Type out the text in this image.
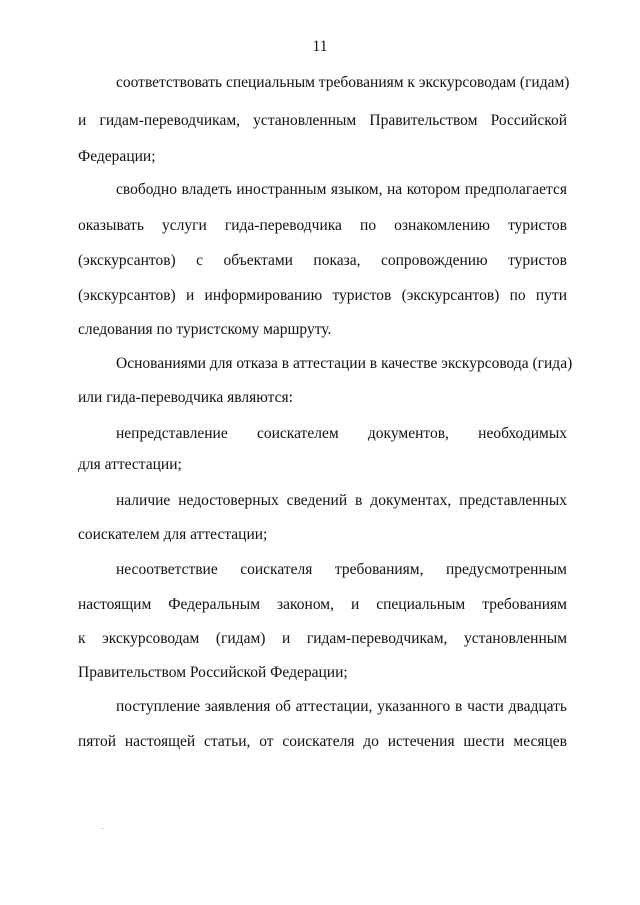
11
соответствовать специальным требованиям к экскурсоводам (гидам)
и гидам-переводчикам, установленным Правительством Российской
Федерации;
свободно владеть иностранным языком, на котором предполагается
оказывать услуги гида-переводчика по ознакомлению туристов
(экскурсантов) с объектами показа, сопровождению туристов
(экскурсантов) и информированию туристов (экскурсантов) по пути
следования по туристскому маршруту.
Основаниями для отказа в аттестации в качестве экскурсовода (гида)
или гида-переводчика являются:
непредставление соискателем документов, необходимых
для аттестации;
наличие недостоверных сведений в документах, представленных
соискателем для аттестации;
несоответствие соискателя требованиям, предусмотренным
настоящим Федеральным законом, и специальным требованиям
к экскурсоводам (гидам) и гидам-переводчикам, установленным
Правительством Российской Федерации;
поступление заявления об аттестации, указанного в части двадцать
пятой настоящей статьи, от соискателя до истечения шести месяцев
